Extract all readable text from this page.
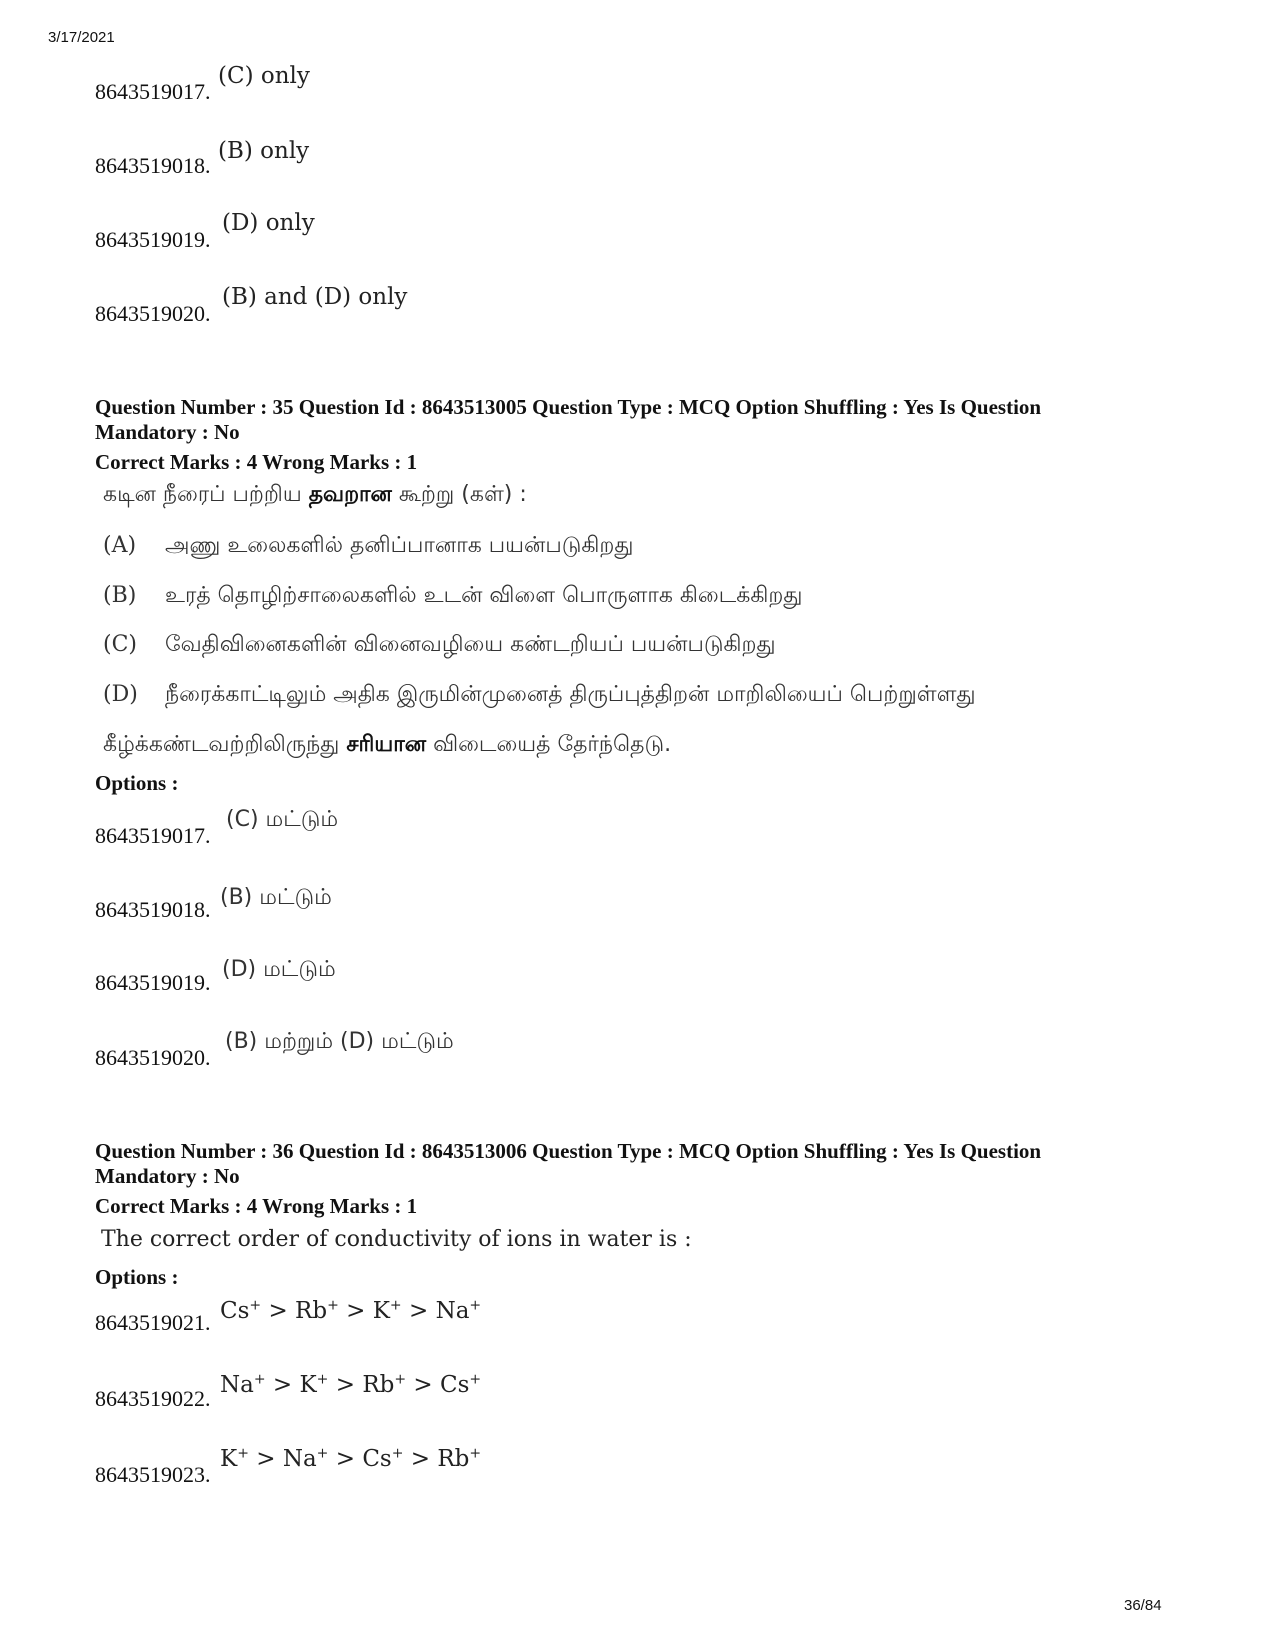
3/17/2021
36/84
8643519017.
(C) only
8643519018.
(B) only
8643519019.
(D) only
8643519020.
(B) and (D) only
Question Number : 35 Question Id : 8643513005 Question Type : MCQ Option Shuffling : Yes Is Question
Mandatory : No
Correct Marks : 4 Wrong Marks : 1
கடின நீரைப் பற்றிய தவறான கூற்று (கள்) :
(A) அணு உலைகளில் தனிப்பானாக பயன்படுகிறது
(B) உரத் தொழிற்சாலைகளில் உடன் விளை பொருளாக கிடைக்கிறது
(C) வேதிவினைகளின் வினைவழியை கண்டறியப் பயன்படுகிறது
(D) நீரைக்காட்டிலும் அதிக இருமின்முனைத் திருப்புத்திறன் மாறிலியைப் பெற்றுள்ளது
கீழ்க்கண்டவற்றிலிருந்து சரியான விடையைத் தேர்ந்தெடு.
Options :
8643519017.
(C) மட்டும்
8643519018. (B) மட்டும்
8643519019.
(D) மட்டும்
8643519020.
(B) மற்றும் (D) மட்டும்
Question Number : 36 Question Id : 8643513006 Question Type : MCQ Option Shuffling : Yes Is Question
Mandatory : No
Correct Marks : 4 Wrong Marks : 1
The correct order of conductivity of ions in water is :
Options :
8643519021. Cs+ > Rb+ > K+ > Na+
8643519022.
Na+ > K+ > Rb+ > Cs+
8643519023.
K+ > Na+ > Cs+ > Rb+
